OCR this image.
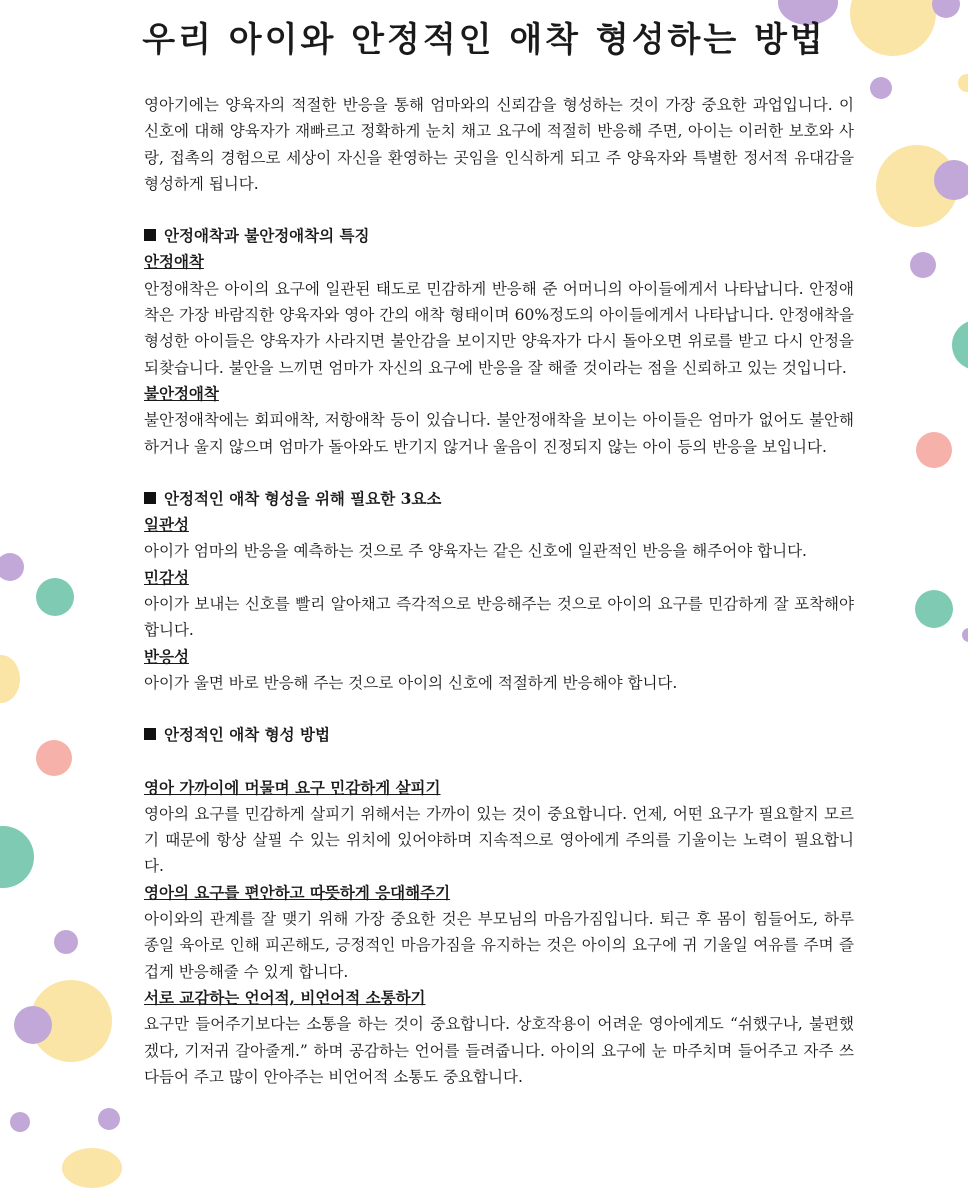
우리 아이와 안정적인 애착 형성하는 방법

영아기에는 양육자의 적절한 반응을 통해 엄마와의 신뢰감을 형성하는 것이 가장 중요한 과업입니다. 이 신호에 대해 양육자가 재빠르고 정확하게 눈치 채고 요구에 적절히 반응해 주면, 아이는 이러한 보호와 사랑, 접촉의 경험으로 세상이 자신을 환영하는 곳임을 인식하게 되고 주 양육자와 특별한 정서적 유대감을 형성하게 됩니다.

안정애착과 불안정애착의 특징

안정애착

안정애착은 아이의 요구에 일관된 태도로 민감하게 반응해 준 어머니의 아이들에게서 나타납니다. 안정애착은 가장 바람직한 양육자와 영아 간의 애착 형태이며 60%정도의 아이들에게서 나타납니다. 안정애착을 형성한 아이들은 양육자가 사라지면 불안감을 보이지만 양육자가 다시 돌아오면 위로를 받고 다시 안정을 되찾습니다. 불안을 느끼면 엄마가 자신의 요구에 반응을 잘 해줄 것이라는 점을 신뢰하고 있는 것입니다.

불안정애착

불안정애착에는 회피애착, 저항애착 등이 있습니다. 불안정애착을 보이는 아이들은 엄마가 없어도 불안해하거나 울지 않으며 엄마가 돌아와도 반기지 않거나 울음이 진정되지 않는 아이 등의 반응을 보입니다.

안정적인 애착 형성을 위해 필요한 3요소

일관성

아이가 엄마의 반응을 예측하는 것으로 주 양육자는 같은 신호에 일관적인 반응을 해주어야 합니다.

민감성

아이가 보내는 신호를 빨리 알아채고 즉각적으로 반응해주는 것으로 아이의 요구를 민감하게 잘 포착해야 합니다.

반응성

아이가 울면 바로 반응해 주는 것으로 아이의 신호에 적절하게 반응해야 합니다.

안정적인 애착 형성 방법

영아 가까이에 머물며 요구 민감하게 살피기

영아의 요구를 민감하게 살피기 위해서는 가까이 있는 것이 중요합니다. 언제, 어떤 요구가 필요할지 모르기 때문에 항상 살필 수 있는 위치에 있어야하며 지속적으로 영아에게 주의를 기울이는 노력이 필요합니다.

영아의 요구를 편안하고 따뜻하게 응대해주기

아이와의 관계를 잘 맺기 위해 가장 중요한 것은 부모님의 마음가짐입니다. 퇴근 후 몸이 힘들어도, 하루 종일 육아로 인해 피곤해도, 긍정적인 마음가짐을 유지하는 것은 아이의 요구에 귀 기울일 여유를 주며 즐겁게 반응해줄 수 있게 합니다.

서로 교감하는 언어적, 비언어적 소통하기

요구만 들어주기보다는 소통을 하는 것이 중요합니다. 상호작용이 어려운 영아에게도 “쉬했구나, 불편했겠다, 기저귀 갈아줄게.” 하며 공감하는 언어를 들려줍니다. 아이의 요구에 눈 마주치며 들어주고 자주 쓰다듬어 주고 많이 안아주는 비언어적 소통도 중요합니다.
